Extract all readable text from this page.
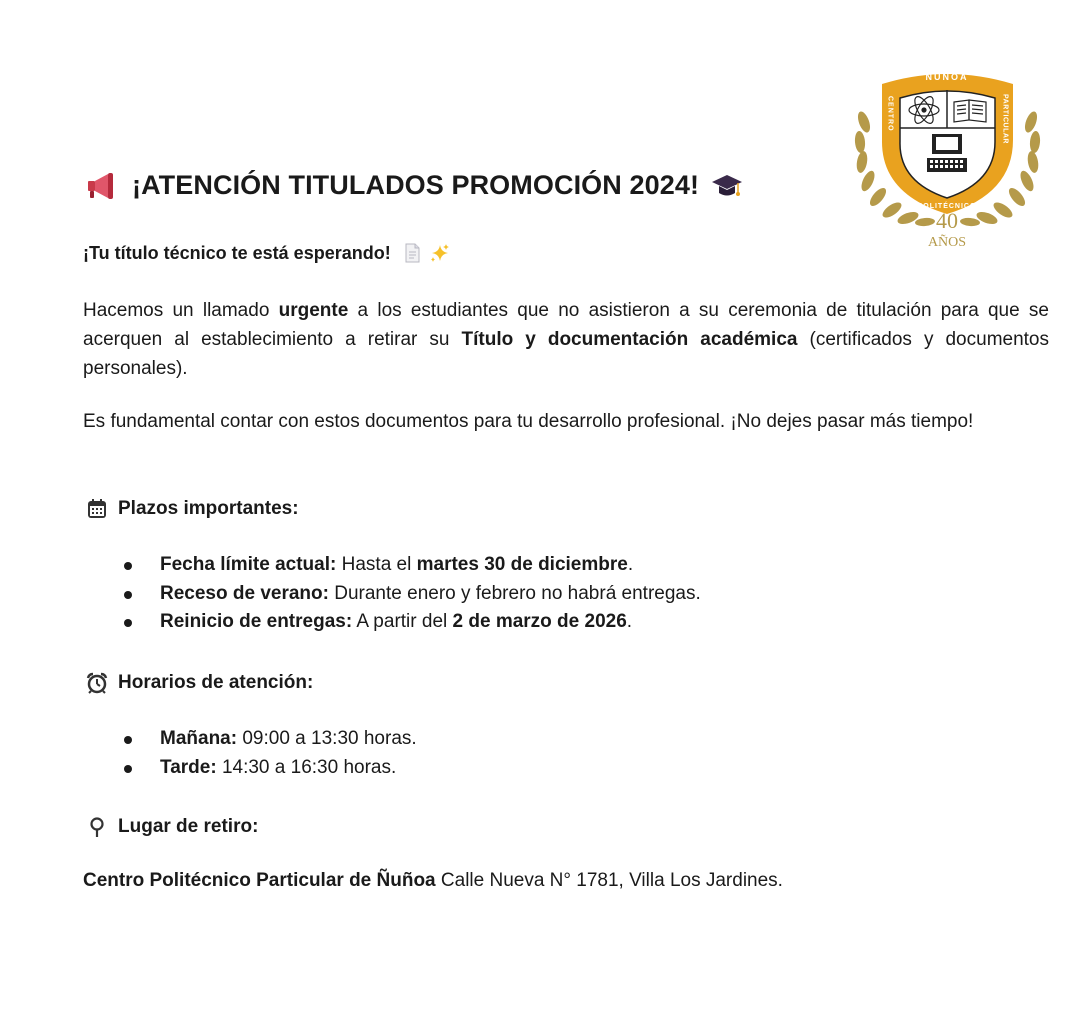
ÑUÑOA
CENTRO	PARTICULAR
POLITÉCNICO
40
AÑOS
¡ATENCIÓN TITULADOS PROMOCIÓN 2024!

¡Tu título técnico te está esperando!

Hacemos un llamado urgente a los estudiantes que no asistieron a su ceremonia de titulación para que se acerquen al establecimiento a retirar su Título y documentación académica (certificados y documentos personales).

Es fundamental contar con estos documentos para tu desarrollo profesional. ¡No dejes pasar más tiempo!

Plazos importantes:

Fecha límite actual: Hasta el martes 30 de diciembre.
Receso de verano: Durante enero y febrero no habrá entregas.
Reinicio de entregas: A partir del 2 de marzo de 2026.

Horarios de atención:

Mañana: 09:00 a 13:30 horas.
Tarde: 14:30 a 16:30 horas.

Lugar de retiro:

Centro Politécnico Particular de Ñuñoa Calle Nueva N° 1781, Villa Los Jardines.
